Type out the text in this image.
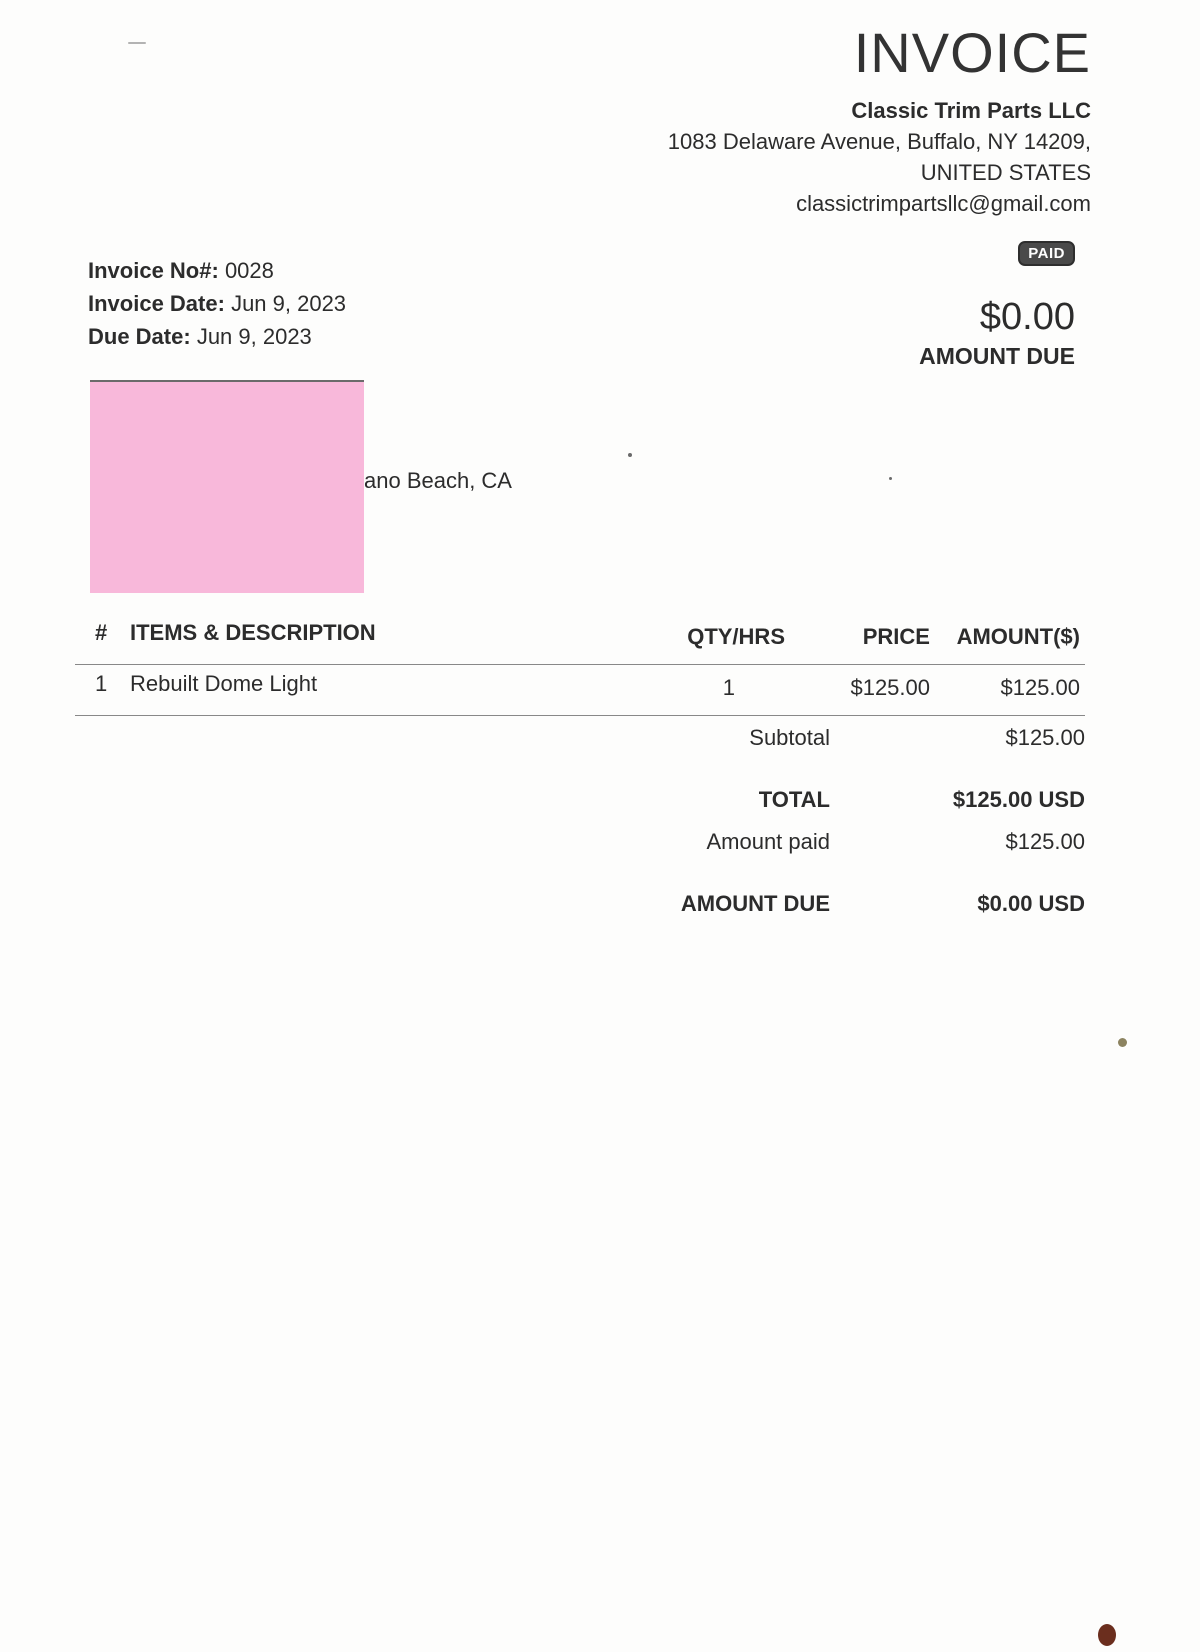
INVOICE
Classic Trim Parts LLC
1083 Delaware Avenue, Buffalo, NY 14209,
UNITED STATES
classictrimpartsllc@gmail.com
Invoice No#: 0028
Invoice Date: Jun 9, 2023
Due Date: Jun 9, 2023
PAID
$0.00
AMOUNT DUE
ano Beach, CA
# ITEMS & DESCRIPTION	QTY/HRS	PRICE AMOUNT($)
1 Rebuilt Dome Light	1	$125.00	$125.00
Subtotal	$125.00
TOTAL	$125.00 USD
Amount paid	$125.00
AMOUNT DUE	$0.00 USD
